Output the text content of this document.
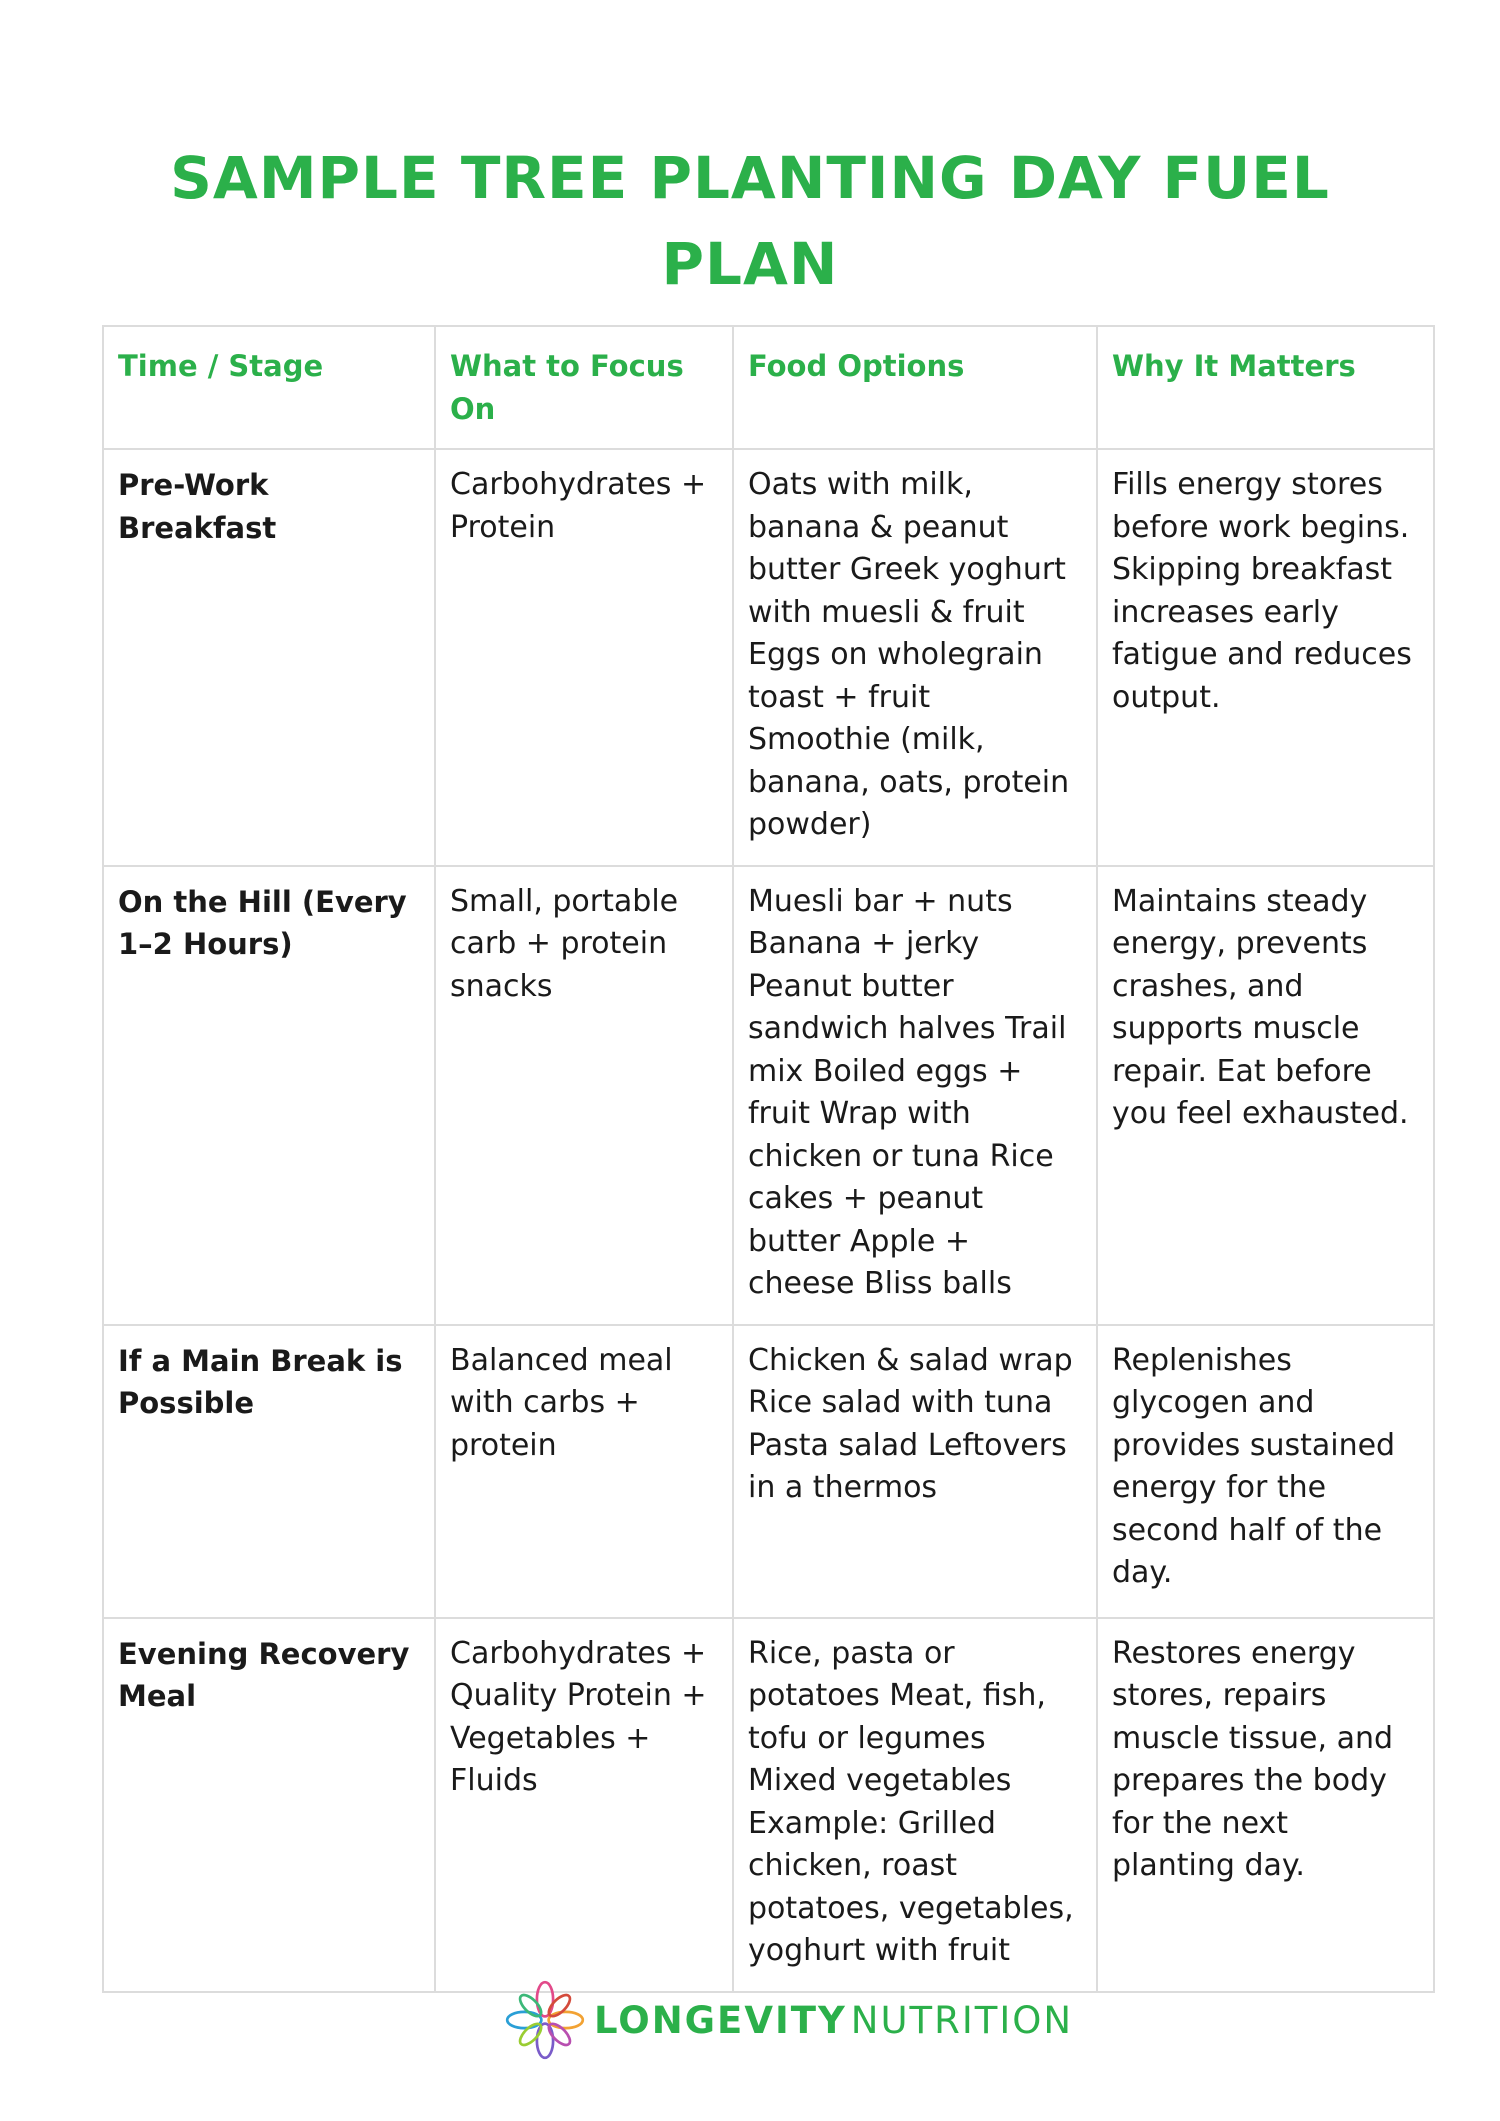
SAMPLE TREE PLANTING DAY FUEL PLAN
Time / Stage	What to Focus On	Food Options	Why It Matters
Pre-Work Breakfast	Carbohydrates + Protein	Oats with milk, banana & peanut butter Greek yoghurt with muesli & fruit Eggs on wholegrain toast + fruit Smoothie (milk, banana, oats, protein powder)	Fills energy stores before work begins. Skipping breakfast increases early fatigue and reduces output.
On the Hill (Every 1–2 Hours)	Small, portable carb + protein snacks	Muesli bar + nuts Banana + jerky Peanut butter sandwich halves Trail mix Boiled eggs + fruit Wrap with chicken or tuna Rice cakes + peanut butter Apple + cheese Bliss balls	Maintains steady energy, prevents crashes, and supports muscle repair. Eat before you feel exhausted.
If a Main Break is Possible	Balanced meal with carbs + protein	Chicken & salad wrap Rice salad with tuna Pasta salad Leftovers in a thermos	Replenishes glycogen and provides sustained energy for the second half of the day.
Evening Recovery Meal	Carbohydrates + Quality Protein + Vegetables + Fluids	Rice, pasta or potatoes Meat, fish, tofu or legumes Mixed vegetables Example: Grilled chicken, roast potatoes, vegetables, yoghurt with fruit	Restores energy stores, repairs muscle tissue, and prepares the body for the next planting day.
LONGEVITY NUTRITION
